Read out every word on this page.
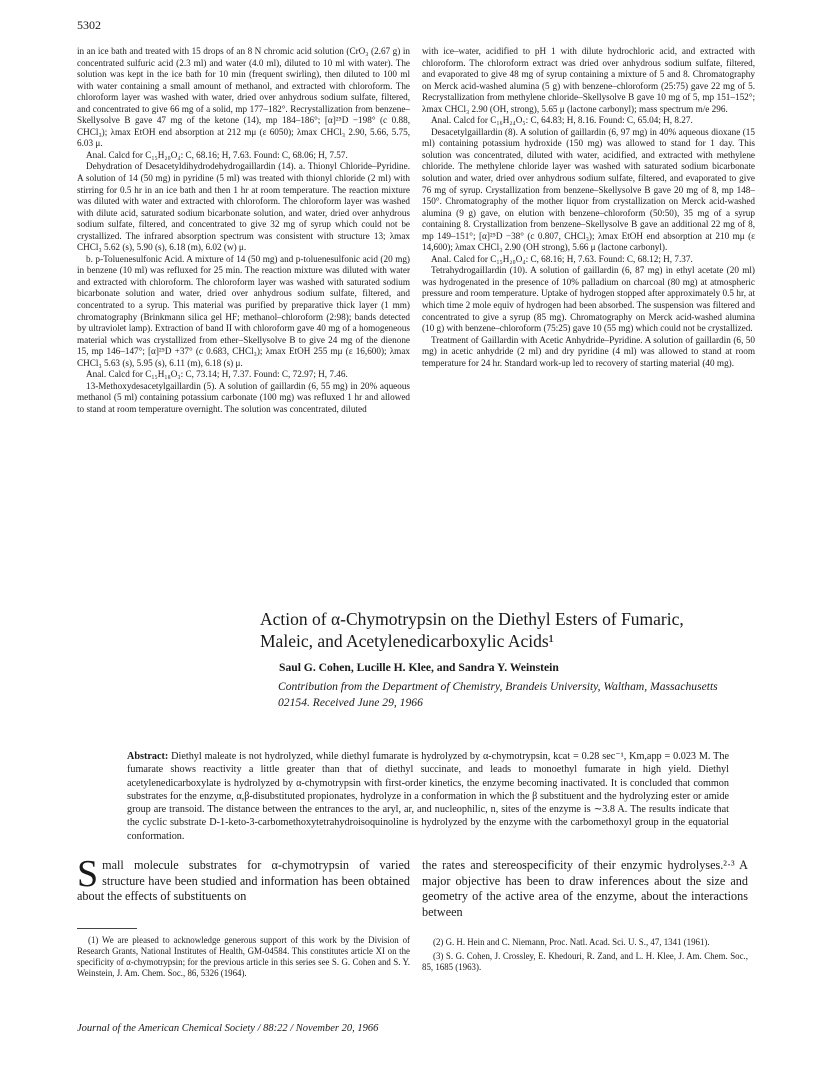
5302

in an ice bath and treated with 15 drops of an 8 N chromic acid solution (CrO₃ (2.67 g) in concentrated sulfuric acid (2.3 ml) and water (4.0 ml), diluted to 10 ml with water). The solution was kept in the ice bath for 10 min (frequent swirling), then diluted to 100 ml with water containing a small amount of methanol, and extracted with chloroform. The chloroform layer was washed with water, dried over anhydrous sodium sulfate, filtered, and concentrated to give 66 mg of a solid, mp 177–182°. Recrystallization from benzene–Skellysolve B gave 47 mg of the ketone (14), mp 184–186°; [α]²⁵D −198° (c 0.88, CHCl₃); λmax EtOH end absorption at 212 mμ (ε 6050); λmax CHCl₃ 2.90, 5.66, 5.75, 6.03 μ.

Anal. Calcd for C₁₅H₂₀O₄: C, 68.16; H, 7.63. Found: C, 68.06; H, 7.57.

Dehydration of Desacetyldihydrodehydrogaillardin (14). a. Thionyl Chloride–Pyridine. A solution of 14 (50 mg) in pyridine (5 ml) was treated with thionyl chloride (2 ml) with stirring for 0.5 hr in an ice bath and then 1 hr at room temperature. The reaction mixture was diluted with water and extracted with chloroform. The chloroform layer was washed with dilute acid, saturated sodium bicarbonate solution, and water, dried over anhydrous sodium sulfate, filtered, and concentrated to give 32 mg of syrup which could not be crystallized. The infrared absorption spectrum was consistent with structure 13; λmax CHCl₃ 5.62 (s), 5.90 (s), 6.18 (m), 6.02 (w) μ.

b. p-Toluenesulfonic Acid. A mixture of 14 (50 mg) and p-toluenesulfonic acid (20 mg) in benzene (10 ml) was refluxed for 25 min. The reaction mixture was diluted with water and extracted with chloroform. The chloroform layer was washed with saturated sodium bicarbonate solution and water, dried over anhydrous sodium sulfate, filtered, and concentrated to a syrup. This material was purified by preparative thick layer (1 mm) chromatography (Brinkmann silica gel HF; methanol–chloroform (2:98); bands detected by ultraviolet lamp). Extraction of band II with chloroform gave 40 mg of a homogeneous material which was crystallized from ether–Skellysolve B to give 24 mg of the dienone 15, mp 146–147°; [α]²⁵D +37° (c 0.683, CHCl₃); λmax EtOH 255 mμ (ε 16,600); λmax CHCl₃ 5.63 (s), 5.95 (s), 6.11 (m), 6.18 (s) μ.

Anal. Calcd for C₁₅H₁₈O₃: C, 73.14; H, 7.37. Found: C, 72.97; H, 7.46.

13-Methoxydesacetylgaillardin (5). A solution of gaillardin (6, 55 mg) in 20% aqueous methanol (5 ml) containing potassium carbonate (100 mg) was refluxed 1 hr and allowed to stand at room temperature overnight. The solution was concentrated, diluted

with ice–water, acidified to pH 1 with dilute hydrochloric acid, and extracted with chloroform. The chloroform extract was dried over anhydrous sodium sulfate, filtered, and evaporated to give 48 mg of syrup containing a mixture of 5 and 8. Chromatography on Merck acid-washed alumina (5 g) with benzene–chloroform (25:75) gave 22 mg of 5. Recrystallization from methylene chloride–Skellysolve B gave 10 mg of 5, mp 151–152°; λmax CHCl₃ 2.90 (OH, strong), 5.65 μ (lactone carbonyl); mass spectrum m/e 296.

Anal. Calcd for C₁₆H₂₄O₅: C, 64.83; H, 8.16. Found: C, 65.04; H, 8.27.

Desacetylgaillardin (8). A solution of gaillardin (6, 97 mg) in 40% aqueous dioxane (15 ml) containing potassium hydroxide (150 mg) was allowed to stand for 1 day. This solution was concentrated, diluted with water, acidified, and extracted with methylene chloride. The methylene chloride layer was washed with saturated sodium bicarbonate solution and water, dried over anhydrous sodium sulfate, filtered, and evaporated to give 76 mg of syrup. Crystallization from benzene–Skellysolve B gave 20 mg of 8, mp 148–150°. Chromatography of the mother liquor from crystallization on Merck acid-washed alumina (9 g) gave, on elution with benzene–chloroform (50:50), 35 mg of a syrup containing 8. Crystallization from benzene–Skellysolve B gave an additional 22 mg of 8, mp 149–151°; [α]²⁵D −38° (c 0.807, CHCl₃); λmax EtOH end absorption at 210 mμ (ε 14,600); λmax CHCl₃ 2.90 (OH strong), 5.66 μ (lactone carbonyl).

Anal. Calcd for C₁₅H₂₀O₄: C, 68.16; H, 7.63. Found: C, 68.12; H, 7.37.

Tetrahydrogaillardin (10). A solution of gaillardin (6, 87 mg) in ethyl acetate (20 ml) was hydrogenated in the presence of 10% palladium on charcoal (80 mg) at atmospheric pressure and room temperature. Uptake of hydrogen stopped after approximately 0.5 hr, at which time 2 mole equiv of hydrogen had been absorbed. The suspension was filtered and concentrated to give a syrup (85 mg). Chromatography on Merck acid-washed alumina (10 g) with benzene–chloroform (75:25) gave 10 (55 mg) which could not be crystallized.

Treatment of Gaillardin with Acetic Anhydride–Pyridine. A solution of gaillardin (6, 50 mg) in acetic anhydride (2 ml) and dry pyridine (4 ml) was allowed to stand at room temperature for 24 hr. Standard work-up led to recovery of starting material (40 mg).

Action of α-Chymotrypsin on the Diethyl Esters of Fumaric, Maleic, and Acetylenedicarboxylic Acids¹
Saul G. Cohen, Lucille H. Klee, and Sandra Y. Weinstein
Contribution from the Department of Chemistry, Brandeis University, Waltham, Massachusetts 02154. Received June 29, 1966
Abstract: Diethyl maleate is not hydrolyzed, while diethyl fumarate is hydrolyzed by α-chymotrypsin, kcat = 0.28 sec⁻¹, Km,app = 0.023 M. The fumarate shows reactivity a little greater than that of diethyl succinate, and leads to monoethyl fumarate in high yield. Diethyl acetylenedicarboxylate is hydrolyzed by α-chymotrypsin with first-order kinetics, the enzyme becoming inactivated. It is concluded that common substrates for the enzyme, α,β-disubstituted propionates, hydrolyze in a conformation in which the β substituent and the hydrolyzing ester or amide group are transoid. The distance between the entrances to the aryl, ar, and nucleophilic, n, sites of the enzyme is ∼3.8 A. The results indicate that the cyclic substrate D-1-keto-3-carbomethoxytetrahydroisoquinoline is hydrolyzed by the enzyme with the carbomethoxyl group in the equatorial conformation.
S mall molecule substrates for α-chymotrypsin of varied structure have been studied and information has been obtained about the effects of substituents on
the rates and stereospecificity of their enzymic hydrolyses.²·³ A major objective has been to draw inferences about the size and geometry of the active area of the enzyme, about the interactions between

(1) We are pleased to acknowledge generous support of this work by the Division of Research Grants, National Institutes of Health, GM-04584. This constitutes article XI on the specificity of α-chymotrypsin; for the previous article in this series see S. G. Cohen and S. Y. Weinstein, J. Am. Chem. Soc., 86, 5326 (1964).

(2) G. H. Hein and C. Niemann, Proc. Natl. Acad. Sci. U. S., 47, 1341 (1961).

(3) S. G. Cohen, J. Crossley, E. Khedouri, R. Zand, and L. H. Klee, J. Am. Chem. Soc., 85, 1685 (1963).

Journal of the American Chemical Society / 88:22 / November 20, 1966
